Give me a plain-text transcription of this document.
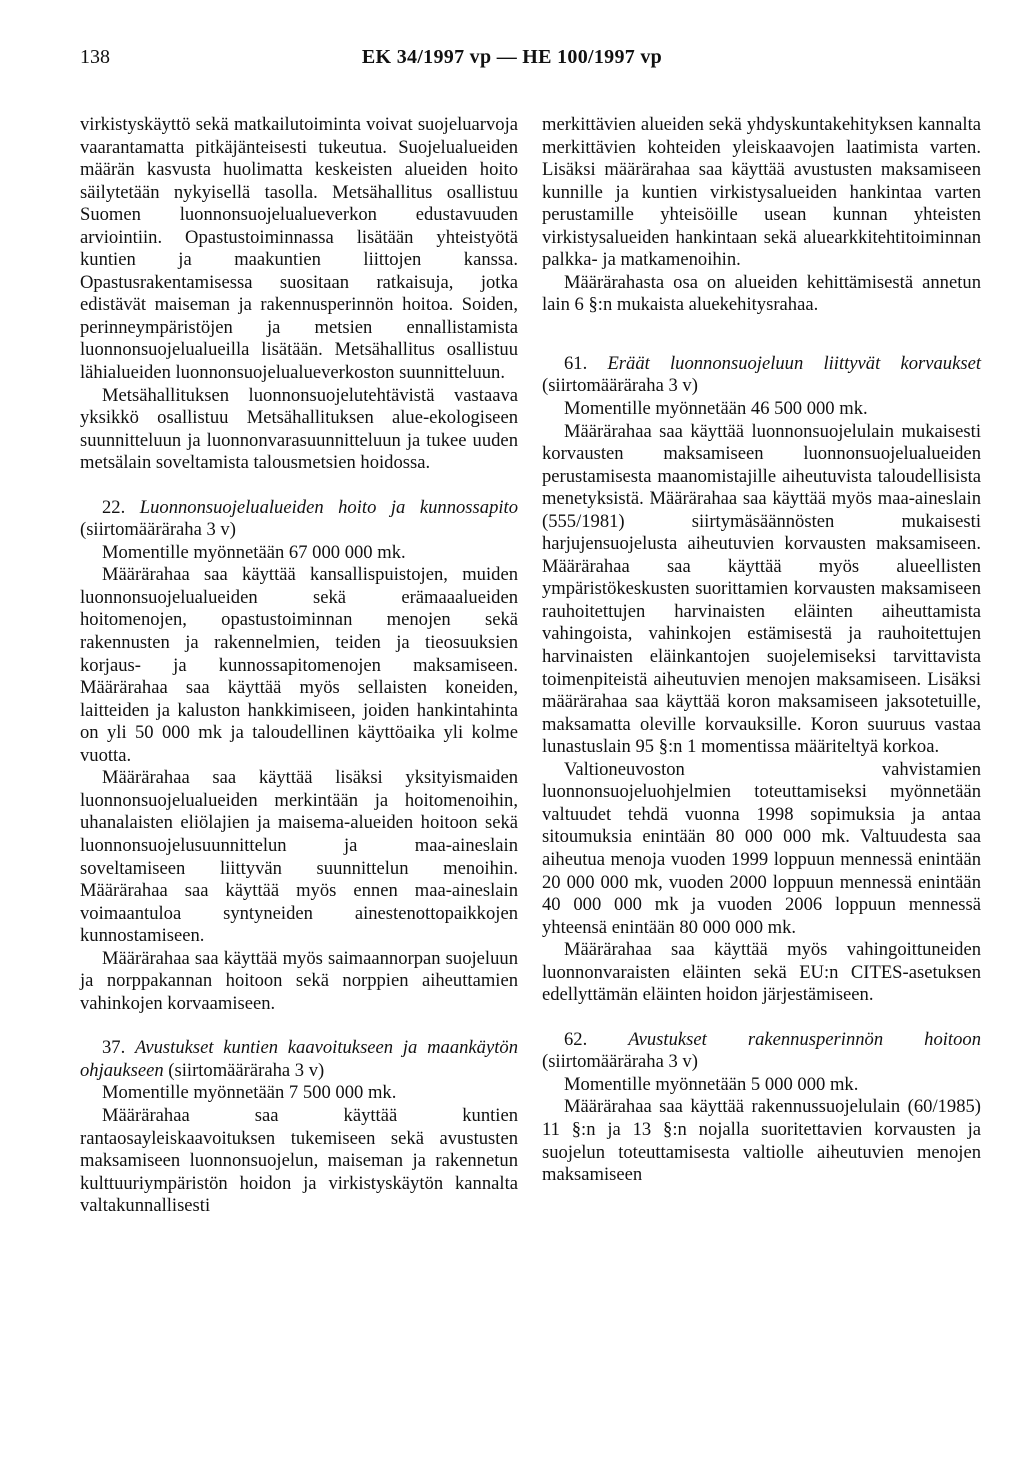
138	EK 34/1997 vp — HE 100/1997 vp

virkistyskäyttö sekä matkailutoiminta voivat suojeluarvoja vaarantamatta pitkäjänteisesti tukeutua. Suojelualueiden määrän kasvusta huolimatta keskeisten alueiden hoito säilytetään nykyisellä tasolla. Metsähallitus osallistuu Suomen luonnonsuojelualueverkon edustavuuden arviointiin. Opastustoiminnassa lisätään yhteistyötä kuntien ja maakuntien liittojen kanssa. Opastusrakentamisessa suositaan ratkaisuja, jotka edistävät maiseman ja rakennusperinnön hoitoa. Soiden, perinneympäristöjen ja metsien ennallistamista luonnonsuojelualueilla lisätään. Metsähallitus osallistuu lähialueiden luonnonsuojelualueverkoston suunnitteluun.

Metsähallituksen luonnonsuojelutehtävistä vastaava yksikkö osallistuu Metsähallituksen alue-ekologiseen suunnitteluun ja luonnonvarasuunnitteluun ja tukee uuden metsälain soveltamista talousmetsien hoidossa.

22. Luonnonsuojelualueiden hoito ja kunnossapito (siirtomääräraha 3 v)

Momentille myönnetään 67 000 000 mk.

Määrärahaa saa käyttää kansallispuistojen, muiden luonnonsuojelualueiden sekä erämaaalueiden hoitomenojen, opastustoiminnan menojen sekä rakennusten ja rakennelmien, teiden ja tieosuuksien korjaus- ja kunnossapitomenojen maksamiseen. Määrärahaa saa käyttää myös sellaisten koneiden, laitteiden ja kaluston hankkimiseen, joiden hankintahinta on yli 50 000 mk ja taloudellinen käyttöaika yli kolme vuotta.

Määrärahaa saa käyttää lisäksi yksityismaiden luonnonsuojelualueiden merkintään ja hoitomenoihin, uhanalaisten eliölajien ja maisema-alueiden hoitoon sekä luonnonsuojelusuunnittelun ja maa-aineslain soveltamiseen liittyvän suunnittelun menoihin. Määrärahaa saa käyttää myös ennen maa-aineslain voimaantuloa syntyneiden ainestenottopaikkojen kunnostamiseen.

Määrärahaa saa käyttää myös saimaannorpan suojeluun ja norppakannan hoitoon sekä norppien aiheuttamien vahinkojen korvaamiseen.

37. Avustukset kuntien kaavoitukseen ja maankäytön ohjaukseen (siirtomääräraha 3 v)

Momentille myönnetään 7 500 000 mk.

Määrärahaa saa käyttää kuntien rantaosayleiskaavoituksen tukemiseen sekä avustusten maksamiseen luonnonsuojelun, maiseman ja rakennetun kulttuuriympäristön hoidon ja virkistyskäytön kannalta valtakunnallisesti

merkittävien alueiden sekä yhdyskuntakehityksen kannalta merkittävien kohteiden yleiskaavojen laatimista varten. Lisäksi määrärahaa saa käyttää avustusten maksamiseen kunnille ja kuntien virkistysalueiden hankintaa varten perustamille yhteisöille usean kunnan yhteisten virkistysalueiden hankintaan sekä aluearkkitehtitoiminnan palkka- ja matkamenoihin.

Määrärahasta osa on alueiden kehittämisestä annetun lain 6 §:n mukaista aluekehitysrahaa.

61. Eräät luonnonsuojeluun liittyvät korvaukset (siirtomääräraha 3 v)

Momentille myönnetään 46 500 000 mk.

Määrärahaa saa käyttää luonnonsuojelulain mukaisesti korvausten maksamiseen luonnonsuojelualueiden perustamisesta maanomistajille aiheutuvista taloudellisista menetyksistä. Määrärahaa saa käyttää myös maa-aineslain (555/1981) siirtymäsäännösten mukaisesti harjujensuojelusta aiheutuvien korvausten maksamiseen. Määrärahaa saa käyttää myös alueellisten ympäristökeskusten suorittamien korvausten maksamiseen rauhoitettujen harvinaisten eläinten aiheuttamista vahingoista, vahinkojen estämisestä ja rauhoitettujen harvinaisten eläinkantojen suojelemiseksi tarvittavista toimenpiteistä aiheutuvien menojen maksamiseen. Lisäksi määrärahaa saa käyttää koron maksamiseen jaksotetuille, maksamatta oleville korvauksille. Koron suuruus vastaa lunastuslain 95 §:n 1 momentissa määriteltyä korkoa.

Valtioneuvoston vahvistamien luonnonsuojeluohjelmien toteuttamiseksi myönnetään valtuudet tehdä vuonna 1998 sopimuksia ja antaa sitoumuksia enintään 80 000 000 mk. Valtuudesta saa aiheutua menoja vuoden 1999 loppuun mennessä enintään 20 000 000 mk, vuoden 2000 loppuun mennessä enintään 40 000 000 mk ja vuoden 2006 loppuun mennessä yhteensä enintään 80 000 000 mk.

Määrärahaa saa käyttää myös vahingoittuneiden luonnonvaraisten eläinten sekä EU:n CITES-asetuksen edellyttämän eläinten hoidon järjestämiseen.

62. Avustukset rakennusperinnön hoitoon (siirtomääräraha 3 v)

Momentille myönnetään 5 000 000 mk.

Määrärahaa saa käyttää rakennussuojelulain (60/1985) 11 §:n ja 13 §:n nojalla suoritettavien korvausten ja suojelun toteuttamisesta valtiolle aiheutuvien menojen maksamiseen
